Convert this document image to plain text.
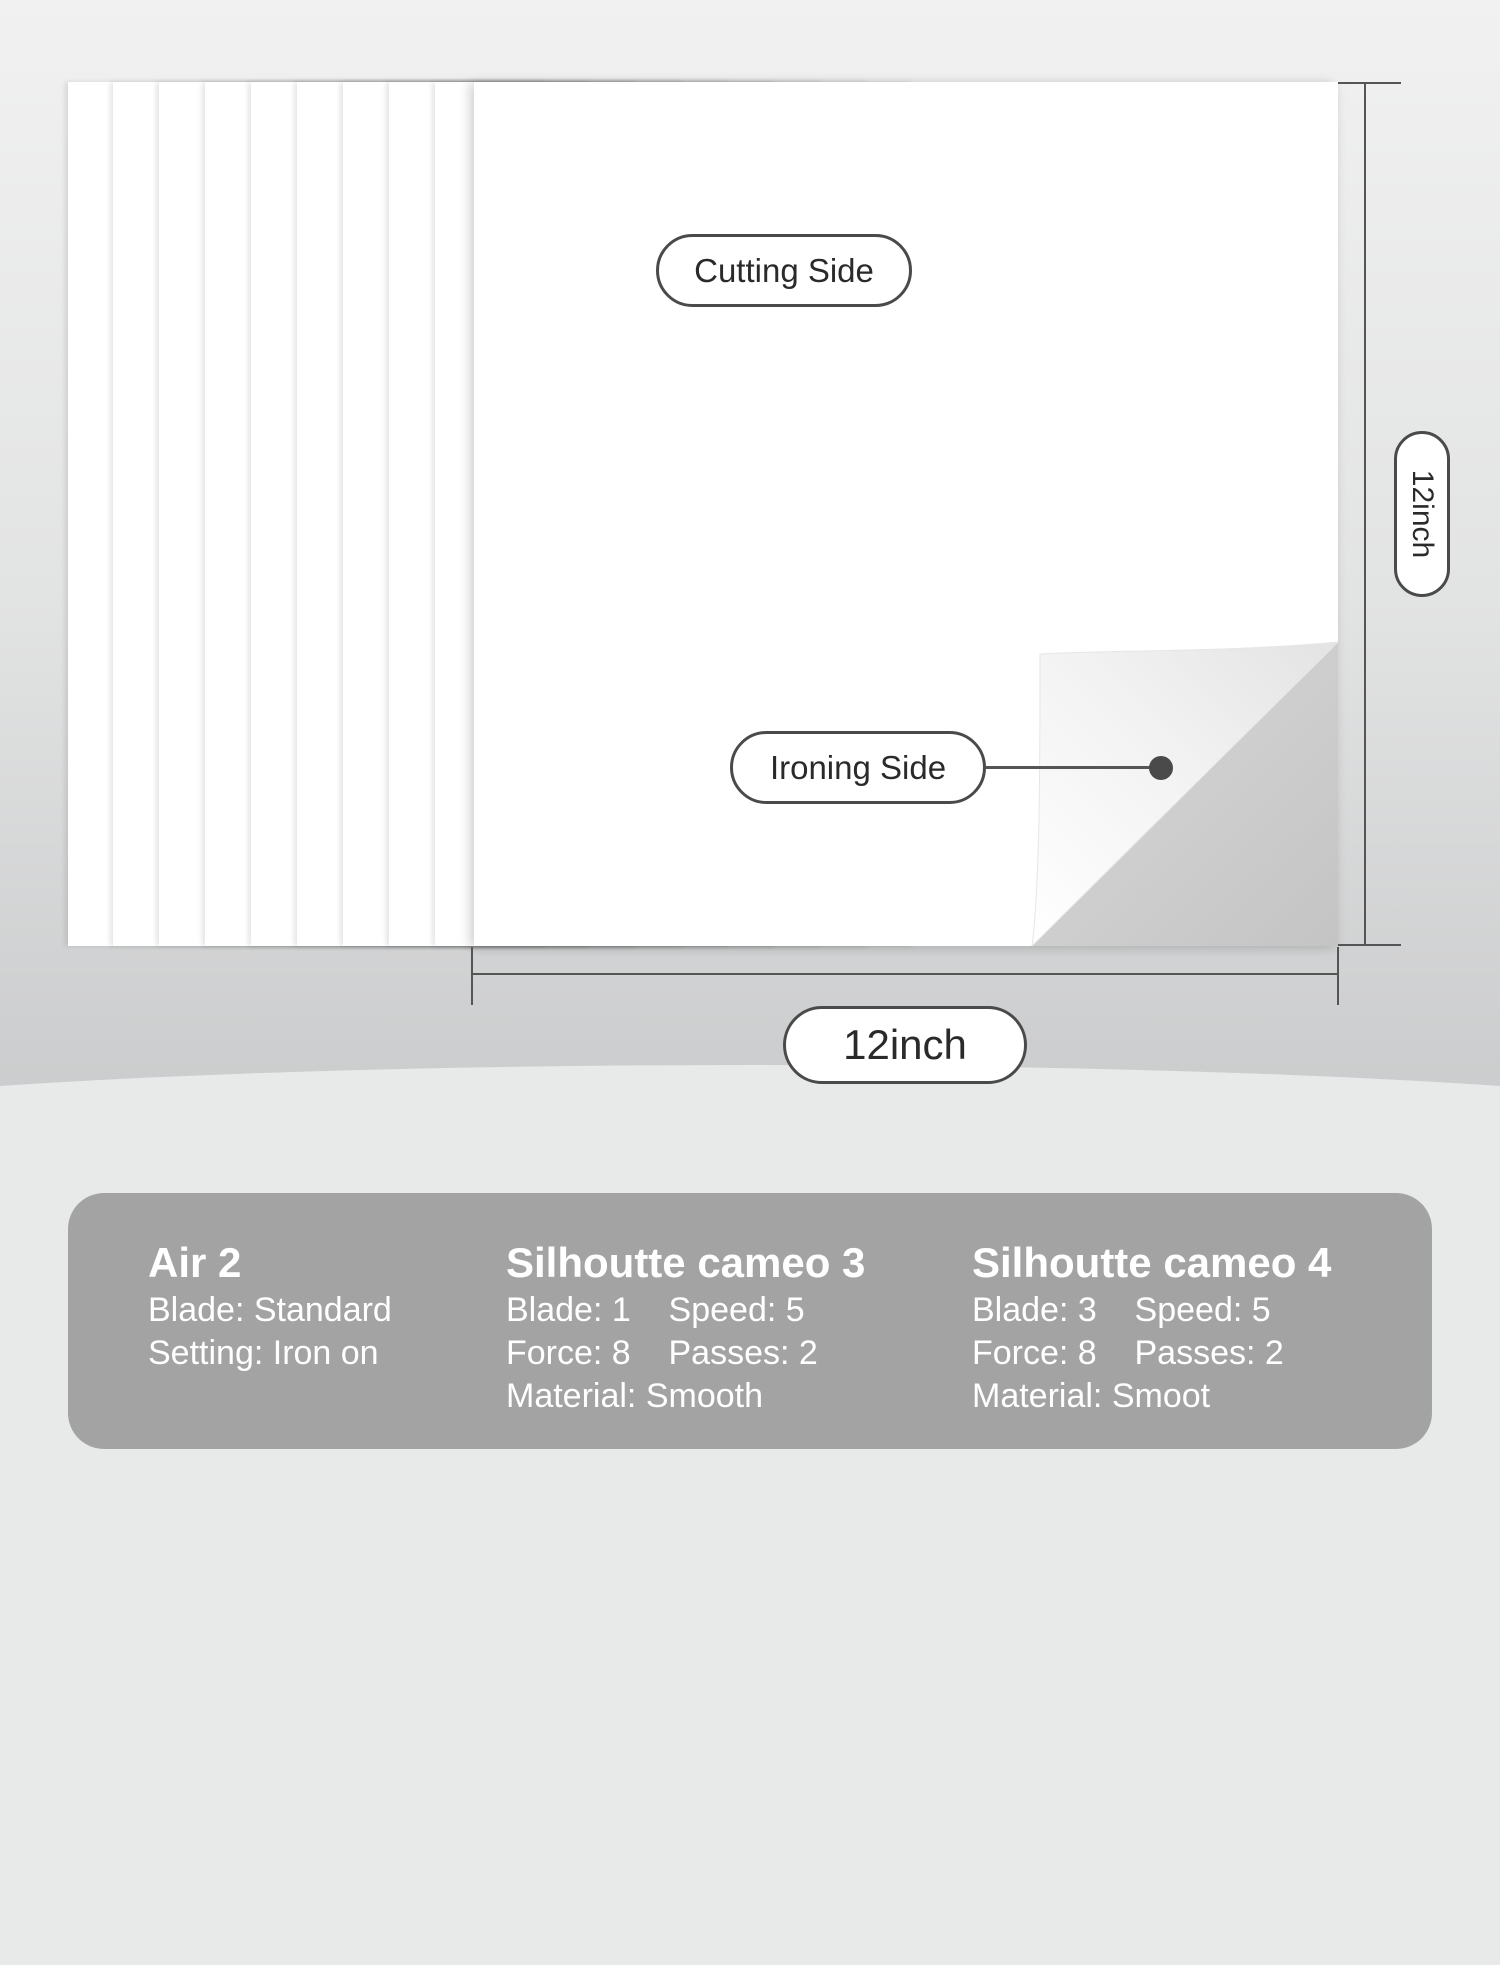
Cutting Side
Ironing Side
12inch
12inch
Air 2
Blade: Standard
Setting: Iron on
Silhoutte cameo 3
Blade: 1    Speed: 5
Force: 8    Passes: 2
Material: Smooth
Silhoutte cameo 4
Blade: 3    Speed: 5
Force: 8    Passes: 2
Material: Smoot
